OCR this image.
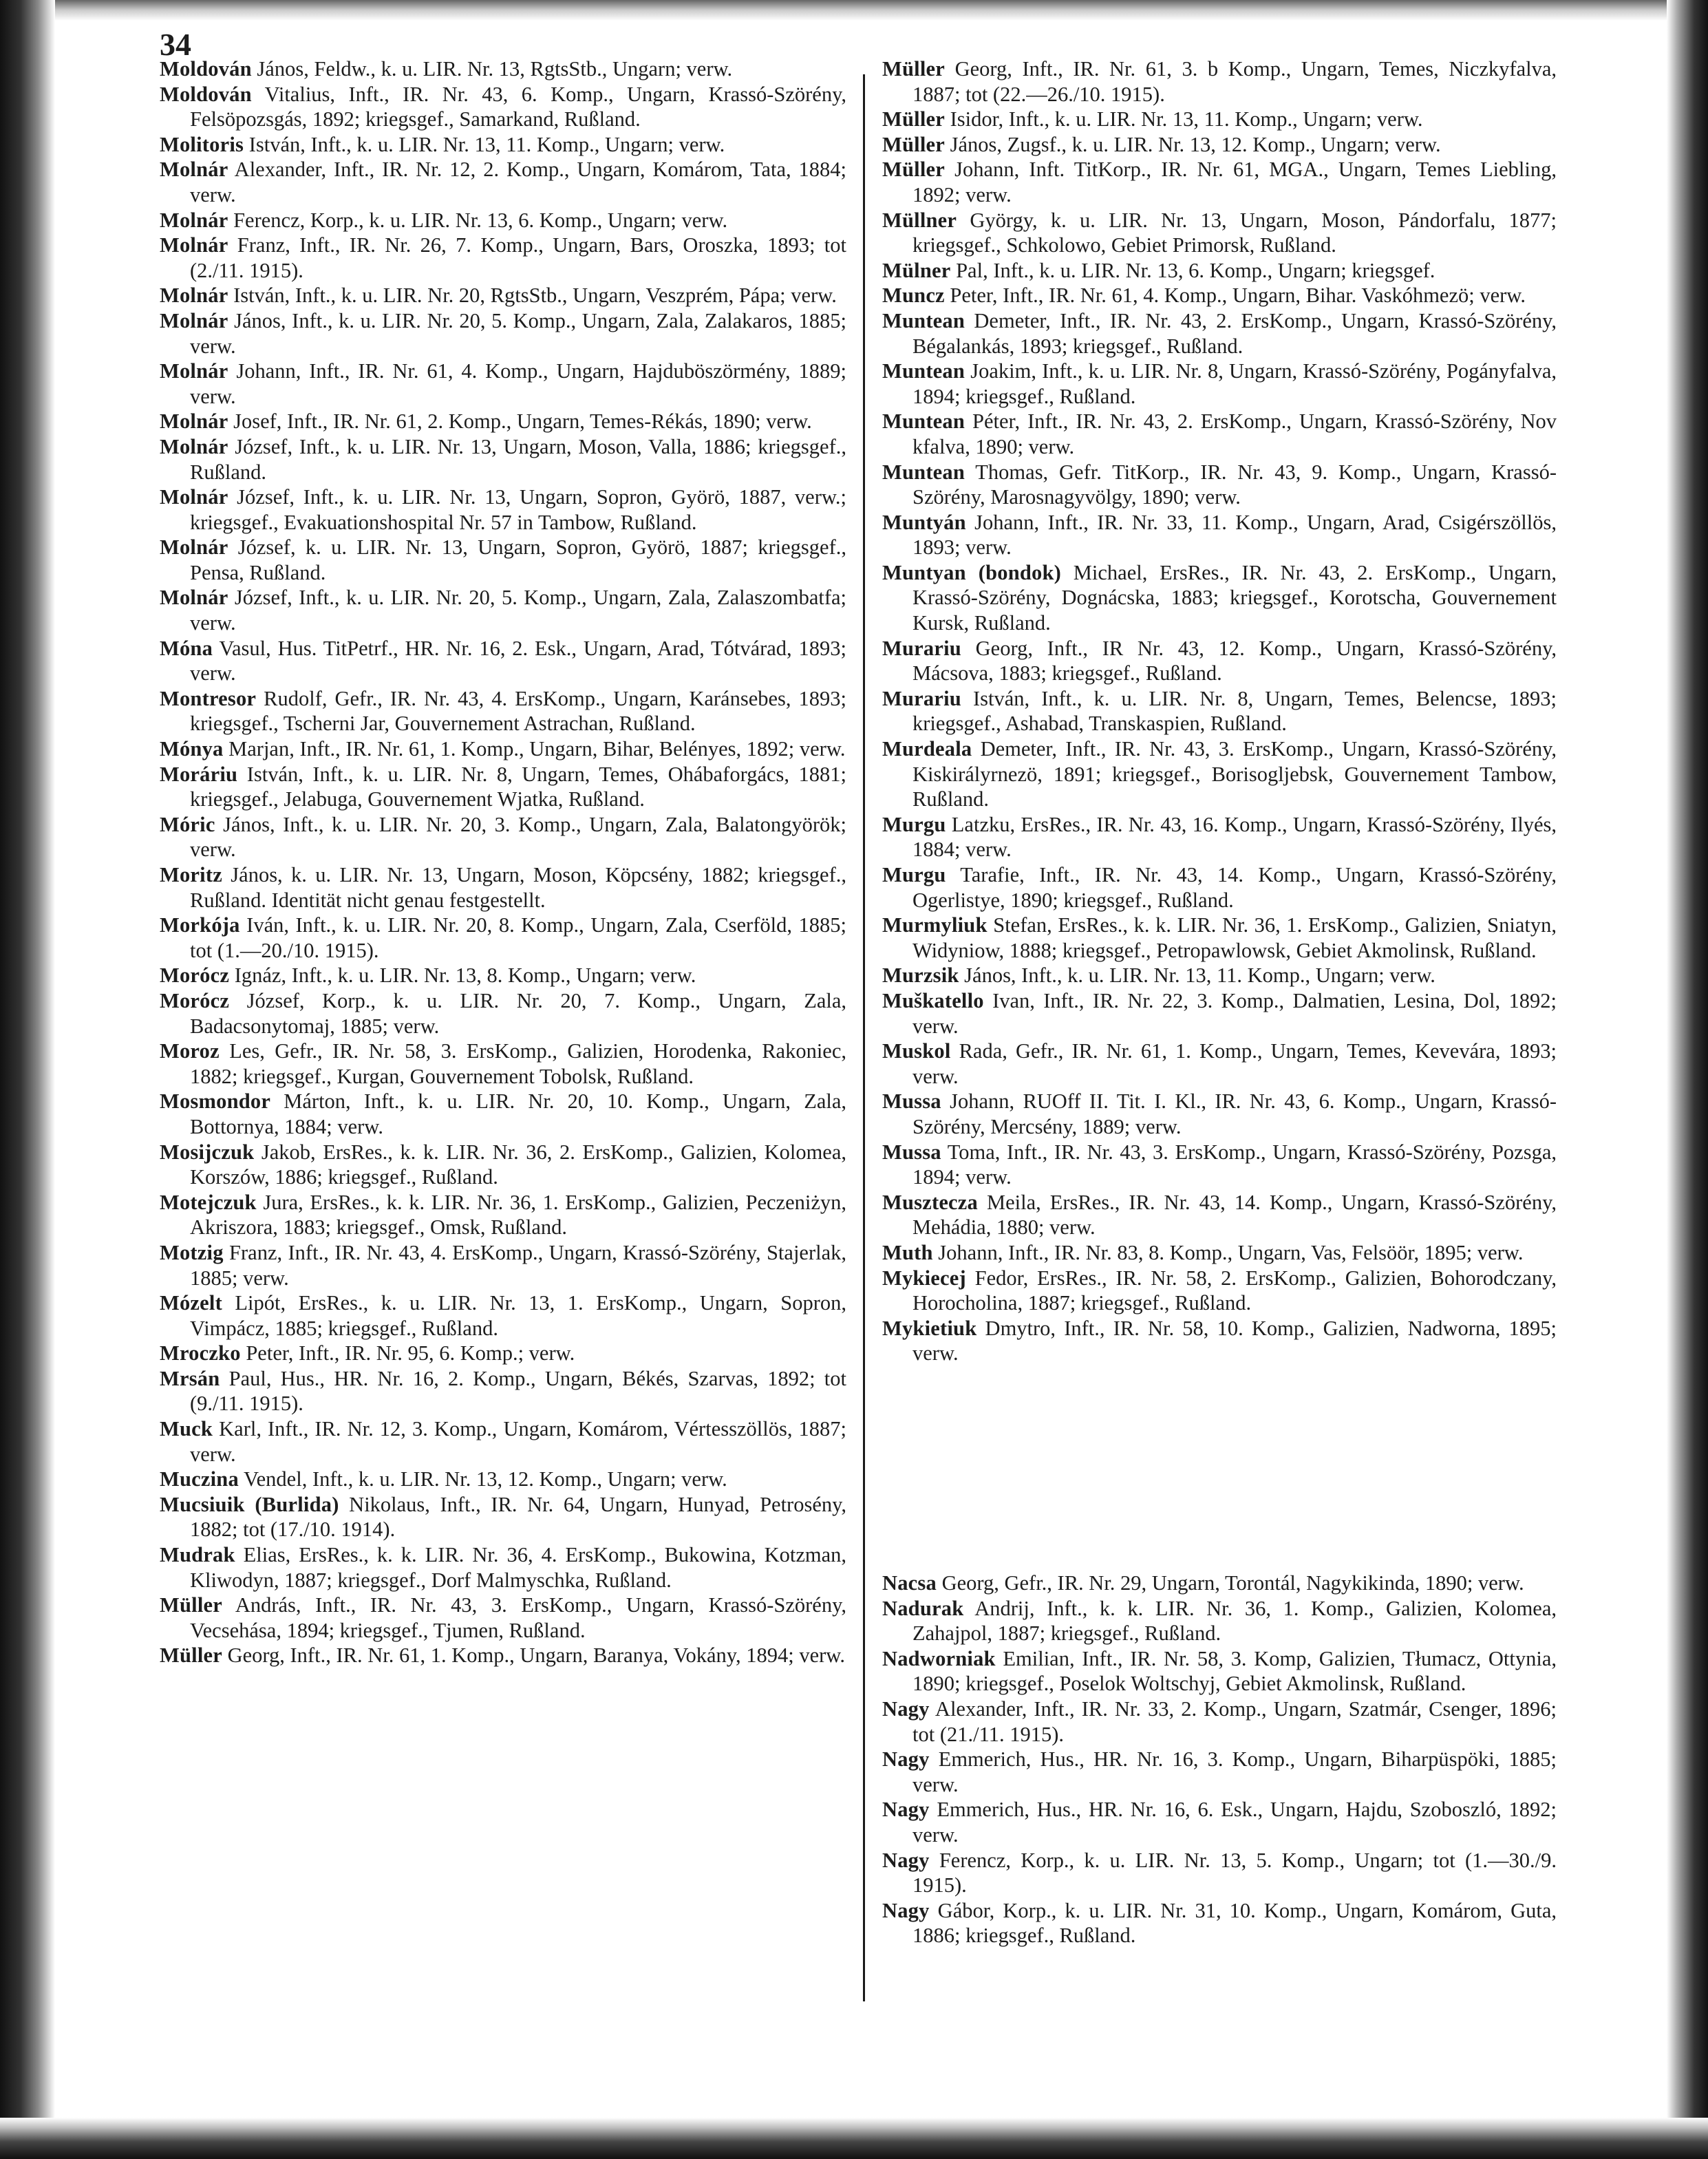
34

Moldován János, Feldw., k. u. LIR. Nr. 13, RgtsStb., Ungarn; verw.

Moldován Vitalius, Inft., IR. Nr. 43, 6. Komp., Ungarn, Krassó-Szörény, Felsöpozsgás, 1892; kriegsgef., Samarkand, Rußland.

Molitoris István, Inft., k. u. LIR. Nr. 13, 11. Komp., Ungarn; verw.

Molnár Alexander, Inft., IR. Nr. 12, 2. Komp., Ungarn, Komárom, Tata, 1884; verw.

Molnár Ferencz, Korp., k. u. LIR. Nr. 13, 6. Komp., Ungarn; verw.

Molnár Franz, Inft., IR. Nr. 26, 7. Komp., Ungarn, Bars, Oroszka, 1893; tot (2./11. 1915).

Molnár István, Inft., k. u. LIR. Nr. 20, RgtsStb., Ungarn, Veszprém, Pápa; verw.

Molnár János, Inft., k. u. LIR. Nr. 20, 5. Komp., Ungarn, Zala, Zalakaros, 1885; verw.

Molnár Johann, Inft., IR. Nr. 61, 4. Komp., Ungarn, Hajduböszörmény, 1889; verw.

Molnár Josef, Inft., IR. Nr. 61, 2. Komp., Ungarn, Temes-Rékás, 1890; verw.

Molnár József, Inft., k. u. LIR. Nr. 13, Ungarn, Moson, Valla, 1886; kriegsgef., Rußland.

Molnár József, Inft., k. u. LIR. Nr. 13, Ungarn, Sopron, Györö, 1887, verw.; kriegsgef., Evakuationshospital Nr. 57 in Tambow, Rußland.

Molnár József, k. u. LIR. Nr. 13, Ungarn, Sopron, Györö, 1887; kriegsgef., Pensa, Rußland.

Molnár József, Inft., k. u. LIR. Nr. 20, 5. Komp., Ungarn, Zala, Zalaszombatfa; verw.

Móna Vasul, Hus. TitPetrf., HR. Nr. 16, 2. Esk., Ungarn, Arad, Tótvárad, 1893; verw.

Montresor Rudolf, Gefr., IR. Nr. 43, 4. ErsKomp., Ungarn, Karánsebes, 1893; kriegsgef., Tscherni Jar, Gouvernement Astrachan, Rußland.

Mónya Marjan, Inft., IR. Nr. 61, 1. Komp., Ungarn, Bihar, Belényes, 1892; verw.

Moráriu István, Inft., k. u. LIR. Nr. 8, Ungarn, Temes, Ohábaforgács, 1881; kriegsgef., Jelabuga, Gouvernement Wjatka, Rußland.

Móric János, Inft., k. u. LIR. Nr. 20, 3. Komp., Ungarn, Zala, Balatongyörök; verw.

Moritz János, k. u. LIR. Nr. 13, Ungarn, Moson, Köpcsény, 1882; kriegsgef., Rußland. Identität nicht genau festgestellt.

Morkója Iván, Inft., k. u. LIR. Nr. 20, 8. Komp., Ungarn, Zala, Cserföld, 1885; tot (1.—20./10. 1915).

Morócz Ignáz, Inft., k. u. LIR. Nr. 13, 8. Komp., Ungarn; verw.

Morócz József, Korp., k. u. LIR. Nr. 20, 7. Komp., Ungarn, Zala, Badacsonytomaj, 1885; verw.

Moroz Les, Gefr., IR. Nr. 58, 3. ErsKomp., Galizien, Horodenka, Rakoniec, 1882; kriegsgef., Kurgan, Gouvernement Tobolsk, Rußland.

Mosmondor Márton, Inft., k. u. LIR. Nr. 20, 10. Komp., Ungarn, Zala, Bottornya, 1884; verw.

Mosijczuk Jakob, ErsRes., k. k. LIR. Nr. 36, 2. ErsKomp., Galizien, Kolomea, Korszów, 1886; kriegsgef., Rußland.

Motejczuk Jura, ErsRes., k. k. LIR. Nr. 36, 1. ErsKomp., Galizien, Peczeniżyn, Akriszora, 1883; kriegsgef., Omsk, Rußland.

Motzig Franz, Inft., IR. Nr. 43, 4. ErsKomp., Ungarn, Krassó-Szörény, Stajerlak, 1885; verw.

Mózelt Lipót, ErsRes., k. u. LIR. Nr. 13, 1. ErsKomp., Ungarn, Sopron, Vimpácz, 1885; kriegsgef., Rußland.

Mroczko Peter, Inft., IR. Nr. 95, 6. Komp.; verw.

Mrsán Paul, Hus., HR. Nr. 16, 2. Komp., Ungarn, Békés, Szarvas, 1892; tot (9./11. 1915).

Muck Karl, Inft., IR. Nr. 12, 3. Komp., Ungarn, Komárom, Vértesszöllös, 1887; verw.

Muczina Vendel, Inft., k. u. LIR. Nr. 13, 12. Komp., Ungarn; verw.

Mucsiuik (Burlida) Nikolaus, Inft., IR. Nr. 64, Ungarn, Hunyad, Petrosény, 1882; tot (17./10. 1914).

Mudrak Elias, ErsRes., k. k. LIR. Nr. 36, 4. ErsKomp., Bukowina, Kotzman, Kliwodyn, 1887; kriegsgef., Dorf Malmyschka, Rußland.

Müller András, Inft., IR. Nr. 43, 3. ErsKomp., Ungarn, Krassó-Szörény, Vecsehása, 1894; kriegsgef., Tjumen, Rußland.

Müller Georg, Inft., IR. Nr. 61, 1. Komp., Ungarn, Baranya, Vokány, 1894; verw.

Müller Georg, Inft., IR. Nr. 61, 3. b Komp., Ungarn, Temes, Niczkyfalva, 1887; tot (22.—26./10. 1915).

Müller Isidor, Inft., k. u. LIR. Nr. 13, 11. Komp., Ungarn; verw.

Müller János, Zugsf., k. u. LIR. Nr. 13, 12. Komp., Ungarn; verw.

Müller Johann, Inft. TitKorp., IR. Nr. 61, MGA., Ungarn, Temes Liebling, 1892; verw.

Müllner György, k. u. LIR. Nr. 13, Ungarn, Moson, Pándorfalu, 1877; kriegsgef., Schkolowo, Gebiet Primorsk, Rußland.

Mülner Pal, Inft., k. u. LIR. Nr. 13, 6. Komp., Ungarn; kriegsgef.

Muncz Peter, Inft., IR. Nr. 61, 4. Komp., Ungarn, Bihar. Vaskóhmezö; verw.

Muntean Demeter, Inft., IR. Nr. 43, 2. ErsKomp., Ungarn, Krassó-Szörény, Bégalankás, 1893; kriegsgef., Rußland.

Muntean Joakim, Inft., k. u. LIR. Nr. 8, Ungarn, Krassó-Szörény, Pogányfalva, 1894; kriegsgef., Rußland.

Muntean Péter, Inft., IR. Nr. 43, 2. ErsKomp., Ungarn, Krassó-Szörény, Nov kfalva, 1890; verw.

Muntean Thomas, Gefr. TitKorp., IR. Nr. 43, 9. Komp., Ungarn, Krassó-Szörény, Marosnagyvölgy, 1890; verw.

Muntyán Johann, Inft., IR. Nr. 33, 11. Komp., Ungarn, Arad, Csigérszöllös, 1893; verw.

Muntyan (bondok) Michael, ErsRes., IR. Nr. 43, 2. ErsKomp., Ungarn, Krassó-Szörény, Dognácska, 1883; kriegsgef., Korotscha, Gouvernement Kursk, Rußland.

Murariu Georg, Inft., IR Nr. 43, 12. Komp., Ungarn, Krassó-Szörény, Mácsova, 1883; kriegsgef., Rußland.

Murariu István, Inft., k. u. LIR. Nr. 8, Ungarn, Temes, Belencse, 1893; kriegsgef., Ashabad, Transkaspien, Rußland.

Murdeala Demeter, Inft., IR. Nr. 43, 3. ErsKomp., Ungarn, Krassó-Szörény, Kiskirályrnezö, 1891; kriegsgef., Borisogljebsk, Gouvernement Tambow, Rußland.

Murgu Latzku, ErsRes., IR. Nr. 43, 16. Komp., Ungarn, Krassó-Szörény, Ilyés, 1884; verw.

Murgu Tarafie, Inft., IR. Nr. 43, 14. Komp., Ungarn, Krassó-Szörény, Ogerlistye, 1890; kriegsgef., Rußland.

Murmyliuk Stefan, ErsRes., k. k. LIR. Nr. 36, 1. ErsKomp., Galizien, Sniatyn, Widyniow, 1888; kriegsgef., Petropawlowsk, Gebiet Akmolinsk, Rußland.

Murzsik János, Inft., k. u. LIR. Nr. 13, 11. Komp., Ungarn; verw.

Muškatello Ivan, Inft., IR. Nr. 22, 3. Komp., Dalmatien, Lesina, Dol, 1892; verw.

Muskol Rada, Gefr., IR. Nr. 61, 1. Komp., Ungarn, Temes, Kevevára, 1893; verw.

Mussa Johann, RUOff II. Tit. I. Kl., IR. Nr. 43, 6. Komp., Ungarn, Krassó-Szörény, Mercsény, 1889; verw.

Mussa Toma, Inft., IR. Nr. 43, 3. ErsKomp., Ungarn, Krassó-Szörény, Pozsga, 1894; verw.

Musztecza Meila, ErsRes., IR. Nr. 43, 14. Komp., Ungarn, Krassó-Szörény, Mehádia, 1880; verw.

Muth Johann, Inft., IR. Nr. 83, 8. Komp., Ungarn, Vas, Felsöör, 1895; verw.

Mykiecej Fedor, ErsRes., IR. Nr. 58, 2. ErsKomp., Galizien, Bohorodczany, Horocholina, 1887; kriegsgef., Rußland.

Mykietiuk Dmytro, Inft., IR. Nr. 58, 10. Komp., Galizien, Nadworna, 1895; verw.

Nacsa Georg, Gefr., IR. Nr. 29, Ungarn, Torontál, Nagykikinda, 1890; verw.

Nadurak Andrij, Inft., k. k. LIR. Nr. 36, 1. Komp., Galizien, Kolomea, Zahajpol, 1887; kriegsgef., Rußland.

Nadworniak Emilian, Inft., IR. Nr. 58, 3. Komp, Galizien, Tłumacz, Ottynia, 1890; kriegsgef., Poselok Woltschyj, Gebiet Akmolinsk, Rußland.

Nagy Alexander, Inft., IR. Nr. 33, 2. Komp., Ungarn, Szatmár, Csenger, 1896; tot (21./11. 1915).

Nagy Emmerich, Hus., HR. Nr. 16, 3. Komp., Ungarn, Biharpüspöki, 1885; verw.

Nagy Emmerich, Hus., HR. Nr. 16, 6. Esk., Ungarn, Hajdu, Szoboszló, 1892; verw.

Nagy Ferencz, Korp., k. u. LIR. Nr. 13, 5. Komp., Ungarn; tot (1.—30./9. 1915).

Nagy Gábor, Korp., k. u. LIR. Nr. 31, 10. Komp., Ungarn, Komárom, Guta, 1886; kriegsgef., Rußland.
